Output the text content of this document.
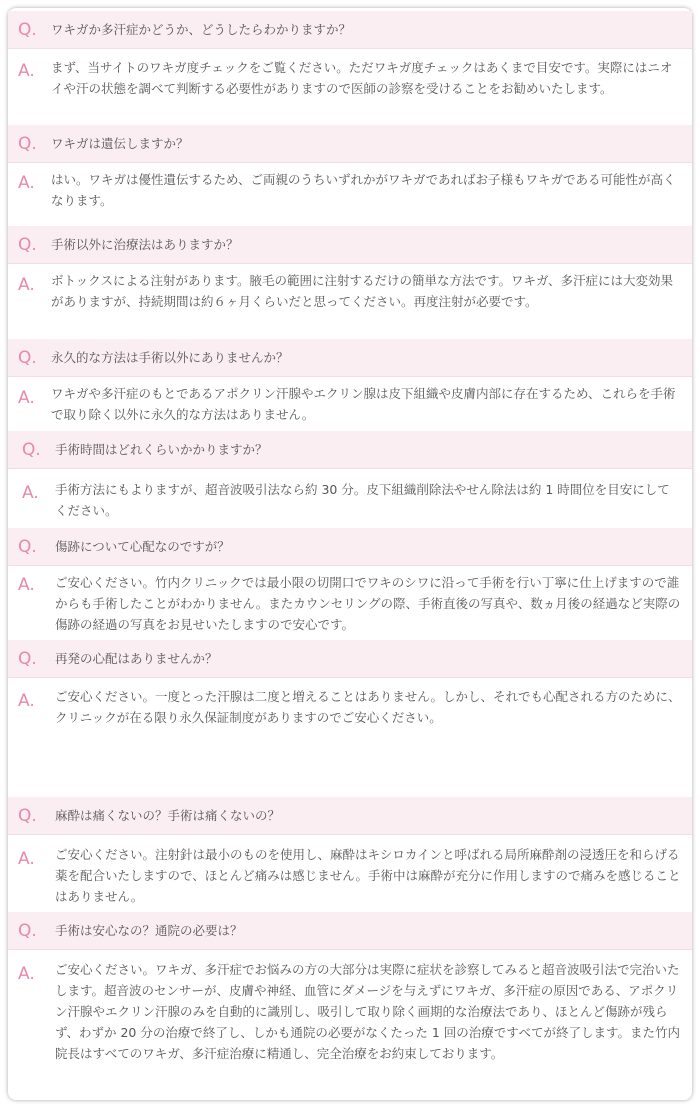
Q. ワキガか多汗症かどうか、どうしたらわかりますか？
A. まず、当サイトのワキガ度チェックをご覧ください。ただワキガ度チェックはあくまで目安です。実際にはニオイや汗の状態を調べて判断する必要性がありますので医師の診察を受けることをお勧めいたします。

Q. ワキガは遺伝しますか？
A. はい。ワキガは優性遺伝するため、ご両親のうちいずれかがワキガであればお子様もワキガである可能性が高くなります。

Q. 手術以外に治療法はありますか？
A. ボトックスによる注射があります。腋毛の範囲に注射するだけの簡単な方法です。ワキガ、多汗症には大変効果がありますが、持続期間は約６ヶ月くらいだと思ってください。再度注射が必要です。

Q. 永久的な方法は手術以外にありませんか？
A. ワキガや多汗症のもとであるアポクリン汗腺やエクリン腺は皮下組織や皮膚内部に存在するため、これらを手術で取り除く以外に永久的な方法はありません。

Q. 手術時間はどれくらいかかりますか？
A. 手術方法にもよりますが、超音波吸引法なら約 30 分。皮下組織削除法やせん除法は約 1 時間位を目安にしてください。

Q. 傷跡について心配なのですが？
A. ご安心ください。竹内クリニックでは最小限の切開口でワキのシワに沿って手術を行い丁寧に仕上げますので誰からも手術したことがわかりません。またカウンセリングの際、手術直後の写真や、数ヵ月後の経過など実際の傷跡の経過の写真をお見せいたしますので安心です。

Q. 再発の心配はありませんか？
A. ご安心ください。一度とった汗腺は二度と増えることはありません。しかし、それでも心配される方のために、クリニックが在る限り永久保証制度がありますのでご安心ください。

Q. 麻酔は痛くないの？手術は痛くないの？
A. ご安心ください。注射針は最小のものを使用し、麻酔はキシロカインと呼ばれる局所麻酔剤の浸透圧を和らげる薬を配合いたしますので、ほとんど痛みは感じません。手術中は麻酔が充分に作用しますので痛みを感じることはありません。

Q. 手術は安心なの？通院の必要は？
A. ご安心ください。ワキガ、多汗症でお悩みの方の大部分は実際に症状を診察してみると超音波吸引法で完治いたします。超音波のセンサーが、皮膚や神経、血管にダメージを与えずにワキガ、多汗症の原因である、アポクリン汗腺やエクリン汗腺のみを自動的に識別し、吸引して取り除く画期的な治療法であり、ほとんど傷跡が残らず、わずか 20 分の治療で終了し、しかも通院の必要がなくたった 1 回の治療ですべてが終了します。また竹内院長はすべてのワキガ、多汗症治療に精通し、完全治療をお約束しております。
